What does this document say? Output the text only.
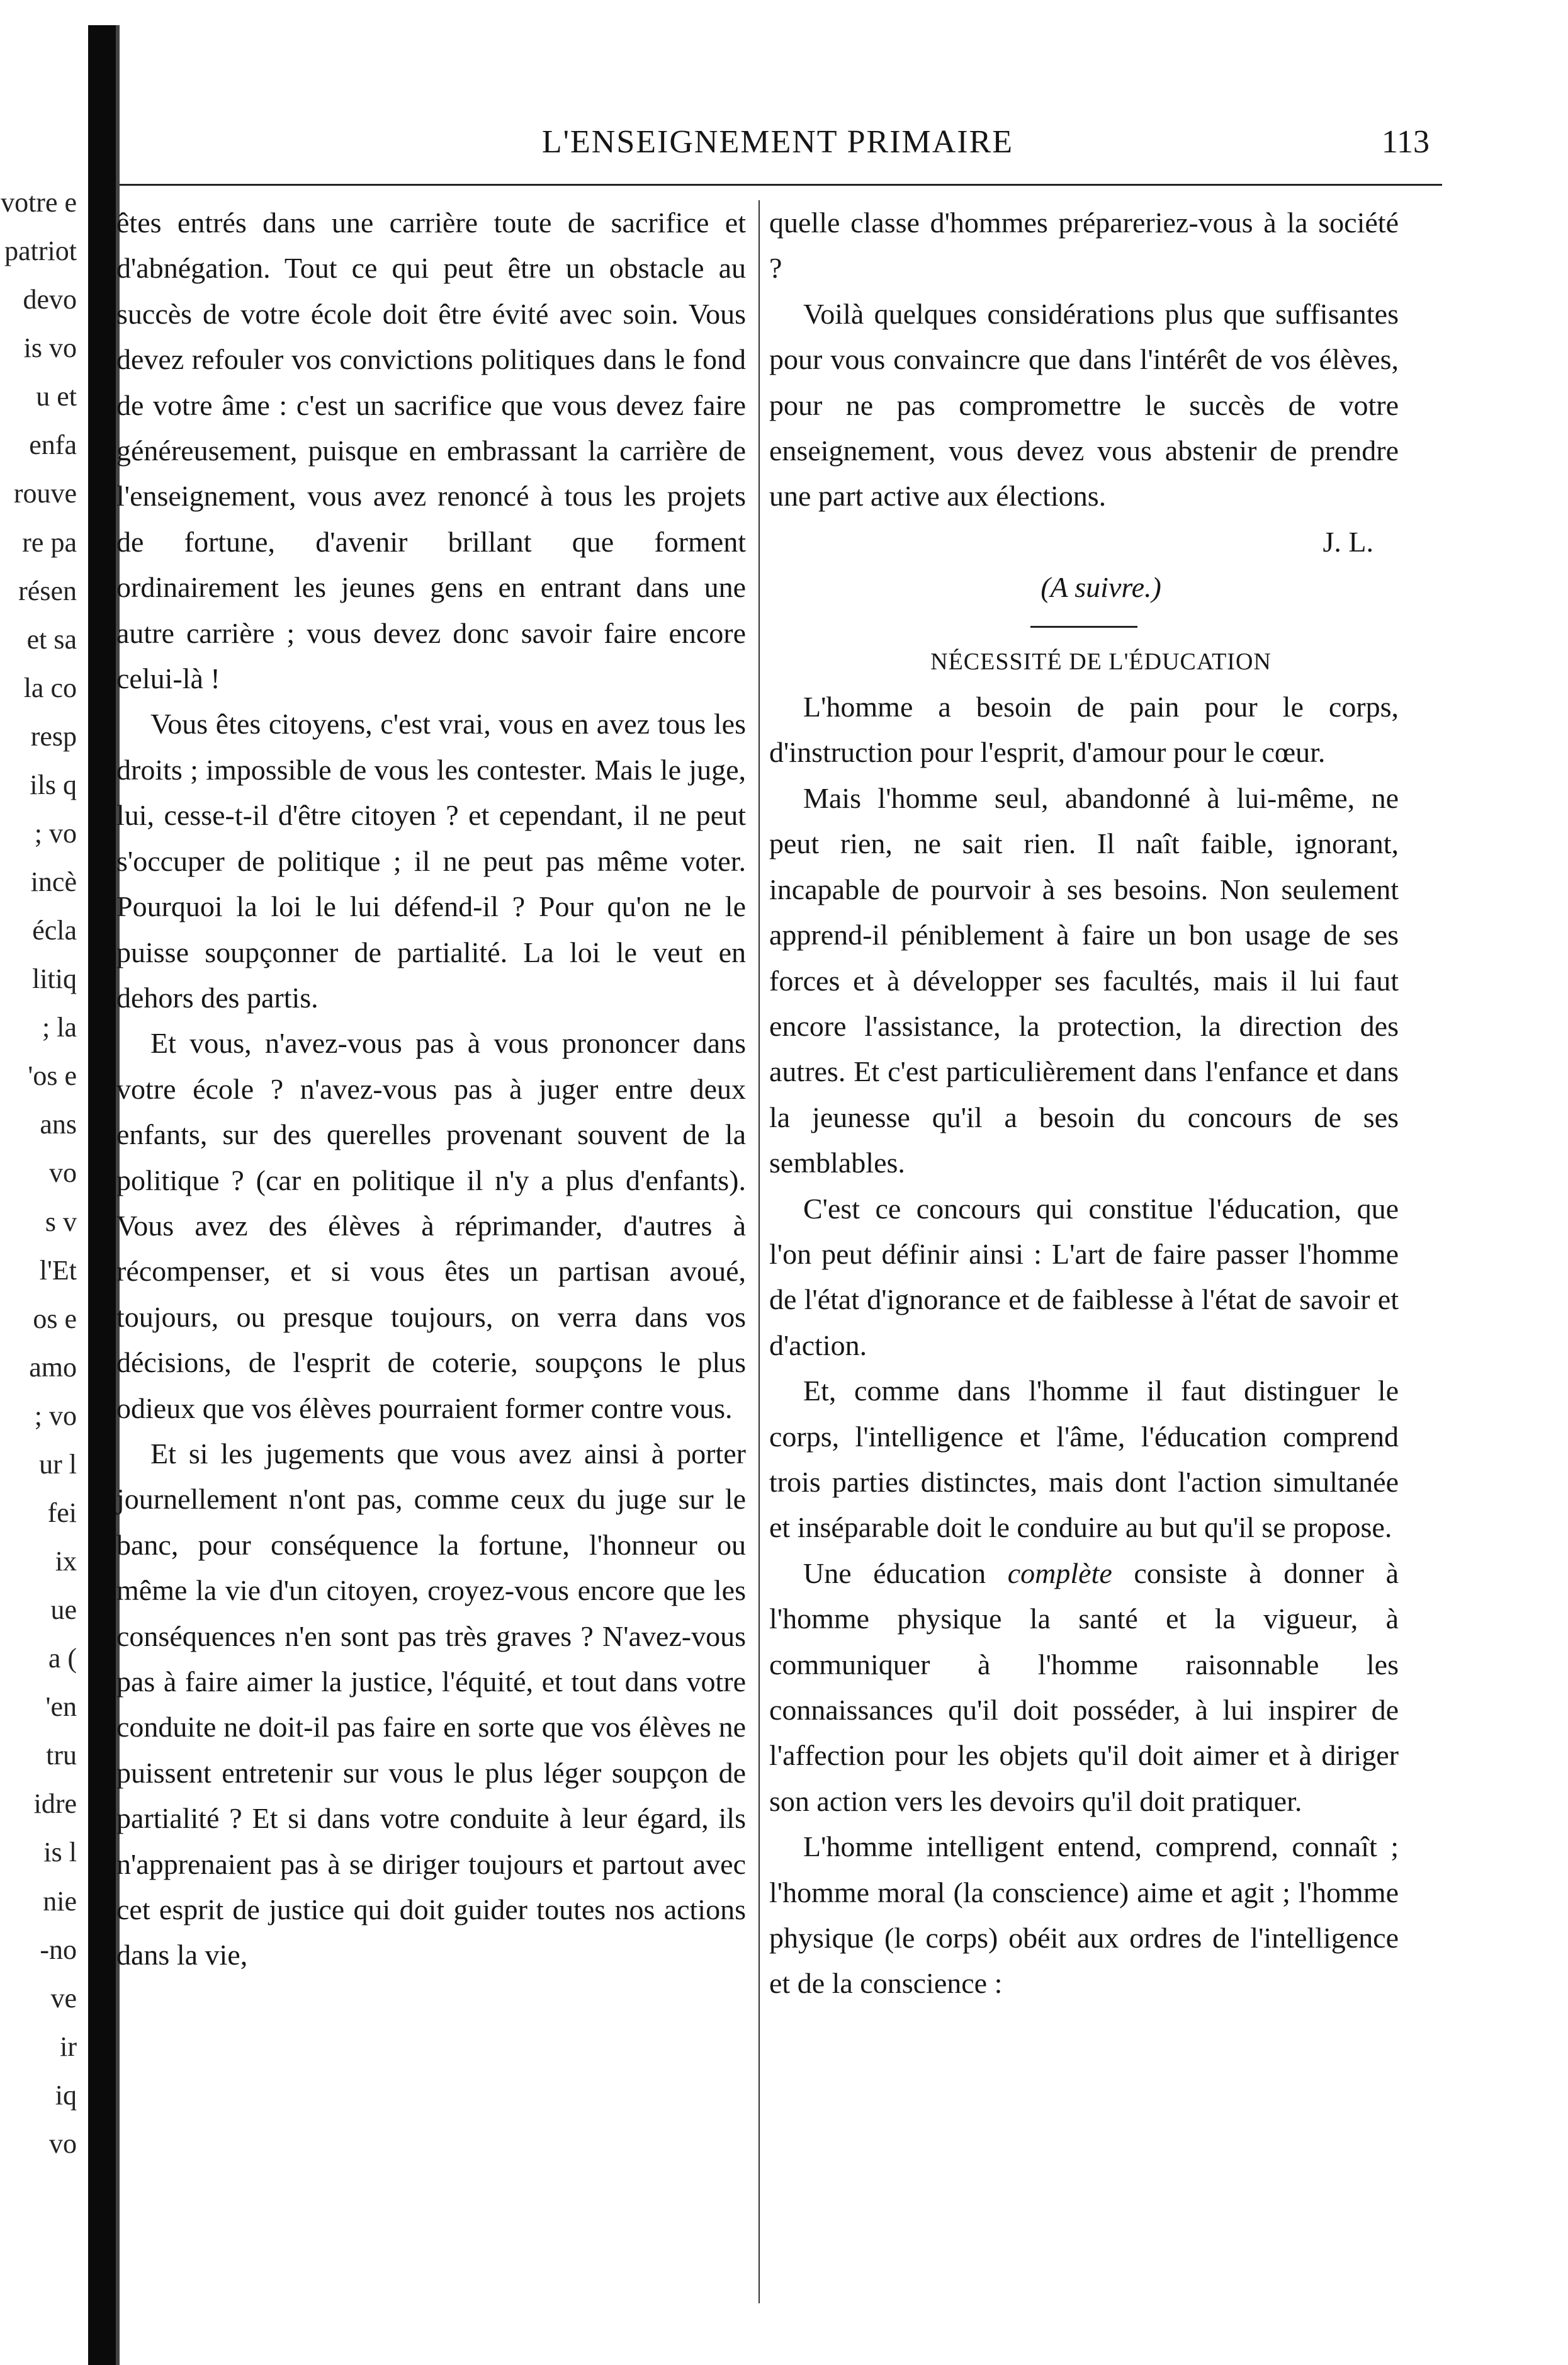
votre e
patriot
devo
is vo
u et
enfa
rouve
re pa
résen
et sa
la co
resp
ils q
; vo
incè
écla
litiq
; la
'os e
ans
vo
s v
l'Et
os e
amo
; vo
ur l
fei
ix
ue
a (
'en
tru
idre
is l
nie
-no
ve
ir
iq
vo
L'ENSEIGNEMENT PRIMAIRE	113

êtes entrés dans une carrière toute de sacrifice et d'abnégation. Tout ce qui peut être un obstacle au succès de votre école doit être évité avec soin. Vous devez refouler vos convictions politiques dans le fond de votre âme : c'est un sacrifice que vous devez faire généreusement, puisque en embrassant la carrière de l'enseignement, vous avez renoncé à tous les projets de fortune, d'avenir brillant que forment ordinairement les jeunes gens en entrant dans une autre carrière ; vous devez donc savoir faire encore celui-là !

Vous êtes citoyens, c'est vrai, vous en avez tous les droits ; impossible de vous les contester. Mais le juge, lui, cesse-t-il d'être citoyen ? et cependant, il ne peut s'occuper de politique ; il ne peut pas même voter. Pourquoi la loi le lui défend-il ? Pour qu'on ne le puisse soupçonner de partialité. La loi le veut en dehors des partis.

Et vous, n'avez-vous pas à vous prononcer dans votre école ? n'avez-vous pas à juger entre deux enfants, sur des querelles provenant souvent de la politique ? (car en politique il n'y a plus d'enfants). Vous avez des élèves à réprimander, d'autres à récompenser, et si vous êtes un partisan avoué, toujours, ou presque toujours, on verra dans vos décisions, de l'esprit de coterie, soupçons le plus odieux que vos élèves pourraient former contre vous.

Et si les jugements que vous avez ainsi à porter journellement n'ont pas, comme ceux du juge sur le banc, pour conséquence la fortune, l'honneur ou même la vie d'un citoyen, croyez-vous encore que les conséquences n'en sont pas très graves ? N'avez-vous pas à faire aimer la justice, l'équité, et tout dans votre conduite ne doit-il pas faire en sorte que vos élèves ne puissent entretenir sur vous le plus léger soupçon de partialité ? Et si dans votre conduite à leur égard, ils n'apprenaient pas à se diriger toujours et partout avec cet esprit de justice qui doit guider toutes nos actions dans la vie,

quelle classe d'hommes prépareriez-vous à la société ?

Voilà quelques considérations plus que suffisantes pour vous convaincre que dans l'intérêt de vos élèves, pour ne pas compromettre le succès de votre enseignement, vous devez vous abstenir de prendre une part active aux élections.

J. L.

(A suivre.)

NÉCESSITÉ DE L'ÉDUCATION

L'homme a besoin de pain pour le corps, d'instruction pour l'esprit, d'amour pour le cœur.

Mais l'homme seul, abandonné à lui-même, ne peut rien, ne sait rien. Il naît faible, ignorant, incapable de pourvoir à ses besoins. Non seulement apprend-il péniblement à faire un bon usage de ses forces et à développer ses facultés, mais il lui faut encore l'assistance, la protection, la direction des autres. Et c'est particulièrement dans l'enfance et dans la jeunesse qu'il a besoin du concours de ses semblables.

C'est ce concours qui constitue l'éducation, que l'on peut définir ainsi : L'art de faire passer l'homme de l'état d'ignorance et de faiblesse à l'état de savoir et d'action.

Et, comme dans l'homme il faut distinguer le corps, l'intelligence et l'âme, l'éducation comprend trois parties distinctes, mais dont l'action simultanée et inséparable doit le conduire au but qu'il se propose.

Une éducation complète consiste à donner à l'homme physique la santé et la vigueur, à communiquer à l'homme raisonnable les connaissances qu'il doit posséder, à lui inspirer de l'affection pour les objets qu'il doit aimer et à diriger son action vers les devoirs qu'il doit pratiquer.

L'homme intelligent entend, comprend, connaît ; l'homme moral (la conscience) aime et agit ; l'homme physique (le corps) obéit aux ordres de l'intelligence et de la conscience :
